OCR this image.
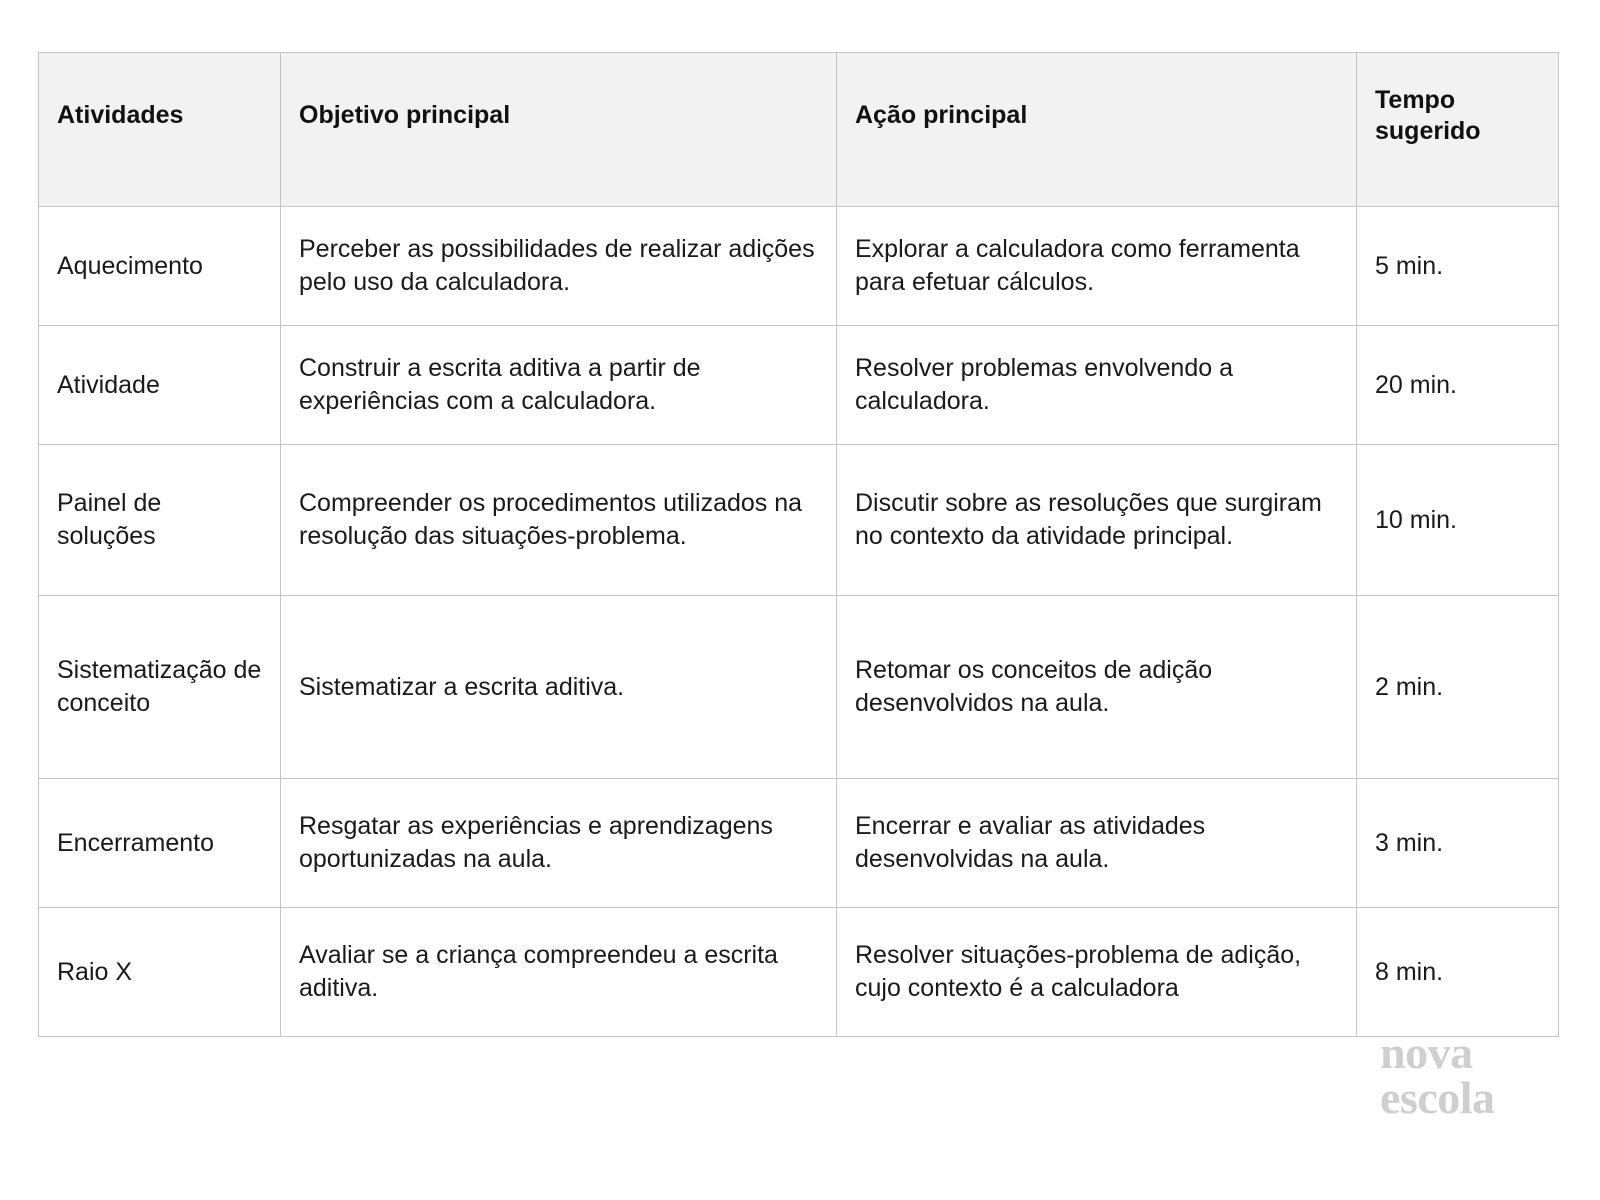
Atividades	Objetivo principal	Ação principal	Tempo sugerido
Aquecimento	Perceber as possibilidades de realizar adições pelo uso da calculadora.	Explorar a calculadora como ferramenta para efetuar cálculos.	5 min.
Atividade	Construir a escrita aditiva a partir de experiências com a calculadora.	Resolver problemas envolvendo a calculadora.	20 min.
Painel de soluções	Compreender os procedimentos utilizados na resolução das situações-problema.	Discutir sobre as resoluções que surgiram no contexto da atividade principal.	10 min.
Sistematização de conceito	Sistematizar a escrita aditiva.	Retomar os conceitos de adição desenvolvidos na aula.	2 min.
Encerramento	Resgatar as experiências e aprendizagens oportunizadas na aula.	Encerrar e avaliar as atividades desenvolvidas na aula.	3 min.
Raio X	Avaliar se a criança compreendeu a escrita aditiva.	Resolver situações-problema de adição, cujo contexto é a calculadora	8 min.
nova
escola
